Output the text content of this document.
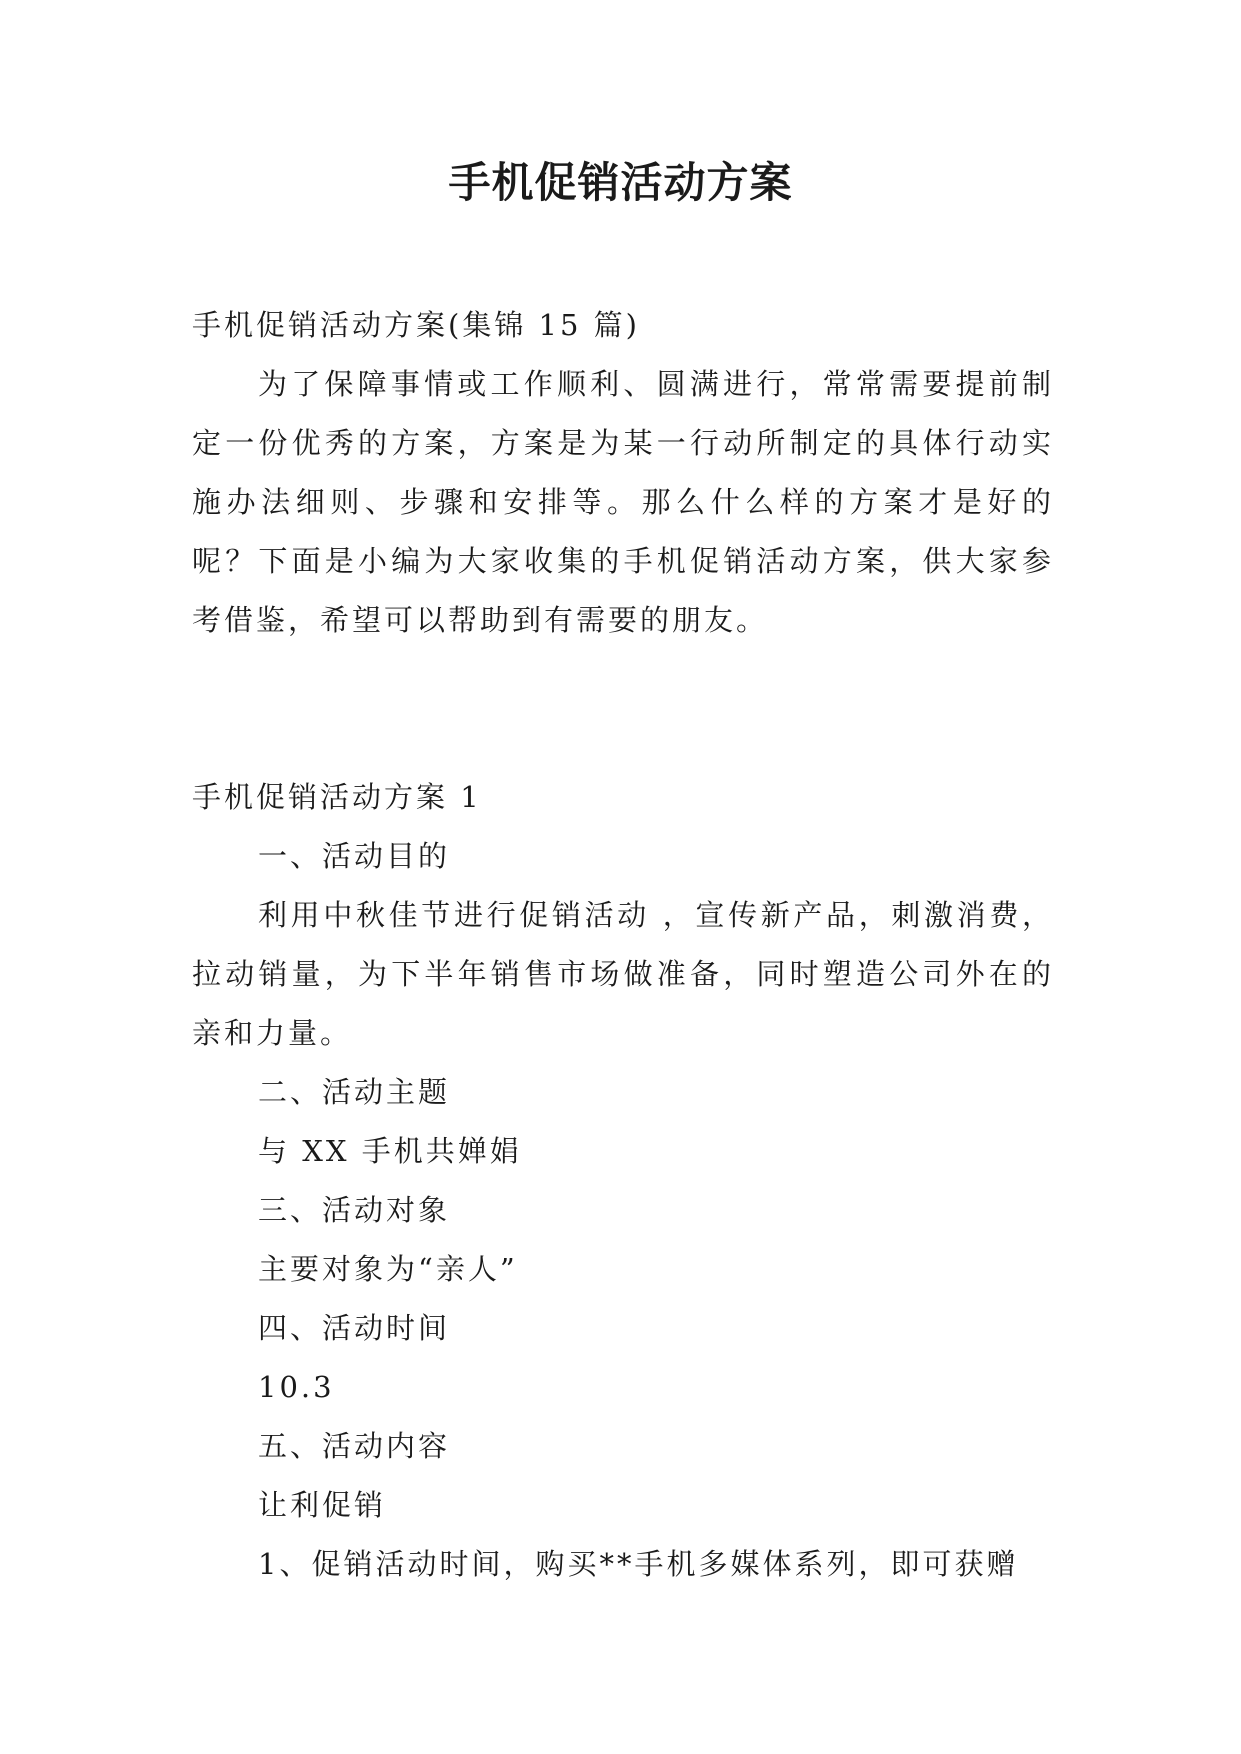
手机促销活动方案

手机促销活动方案(集锦 15 篇)

为了保障事情或工作顺利、圆满进行，常常需要提前制定一份优秀的方案，方案是为某一行动所制定的具体行动实施办法细则、步骤和安排等。那么什么样的方案才是好的呢？下面是小编为大家收集的手机促销活动方案，供大家参考借鉴，希望可以帮助到有需要的朋友。

手机促销活动方案 1

一、活动目的

利用中秋佳节进行促销活动 ，宣传新产品，刺激消费，拉动销量，为下半年销售市场做准备，同时塑造公司外在的亲和力量。

二、活动主题

与 XX 手机共婵娟

三、活动对象

主要对象为“亲人”

四、活动时间

10.3

五、活动内容

让利促销

1、促销活动时间，购买**手机多媒体系列，即可获赠
